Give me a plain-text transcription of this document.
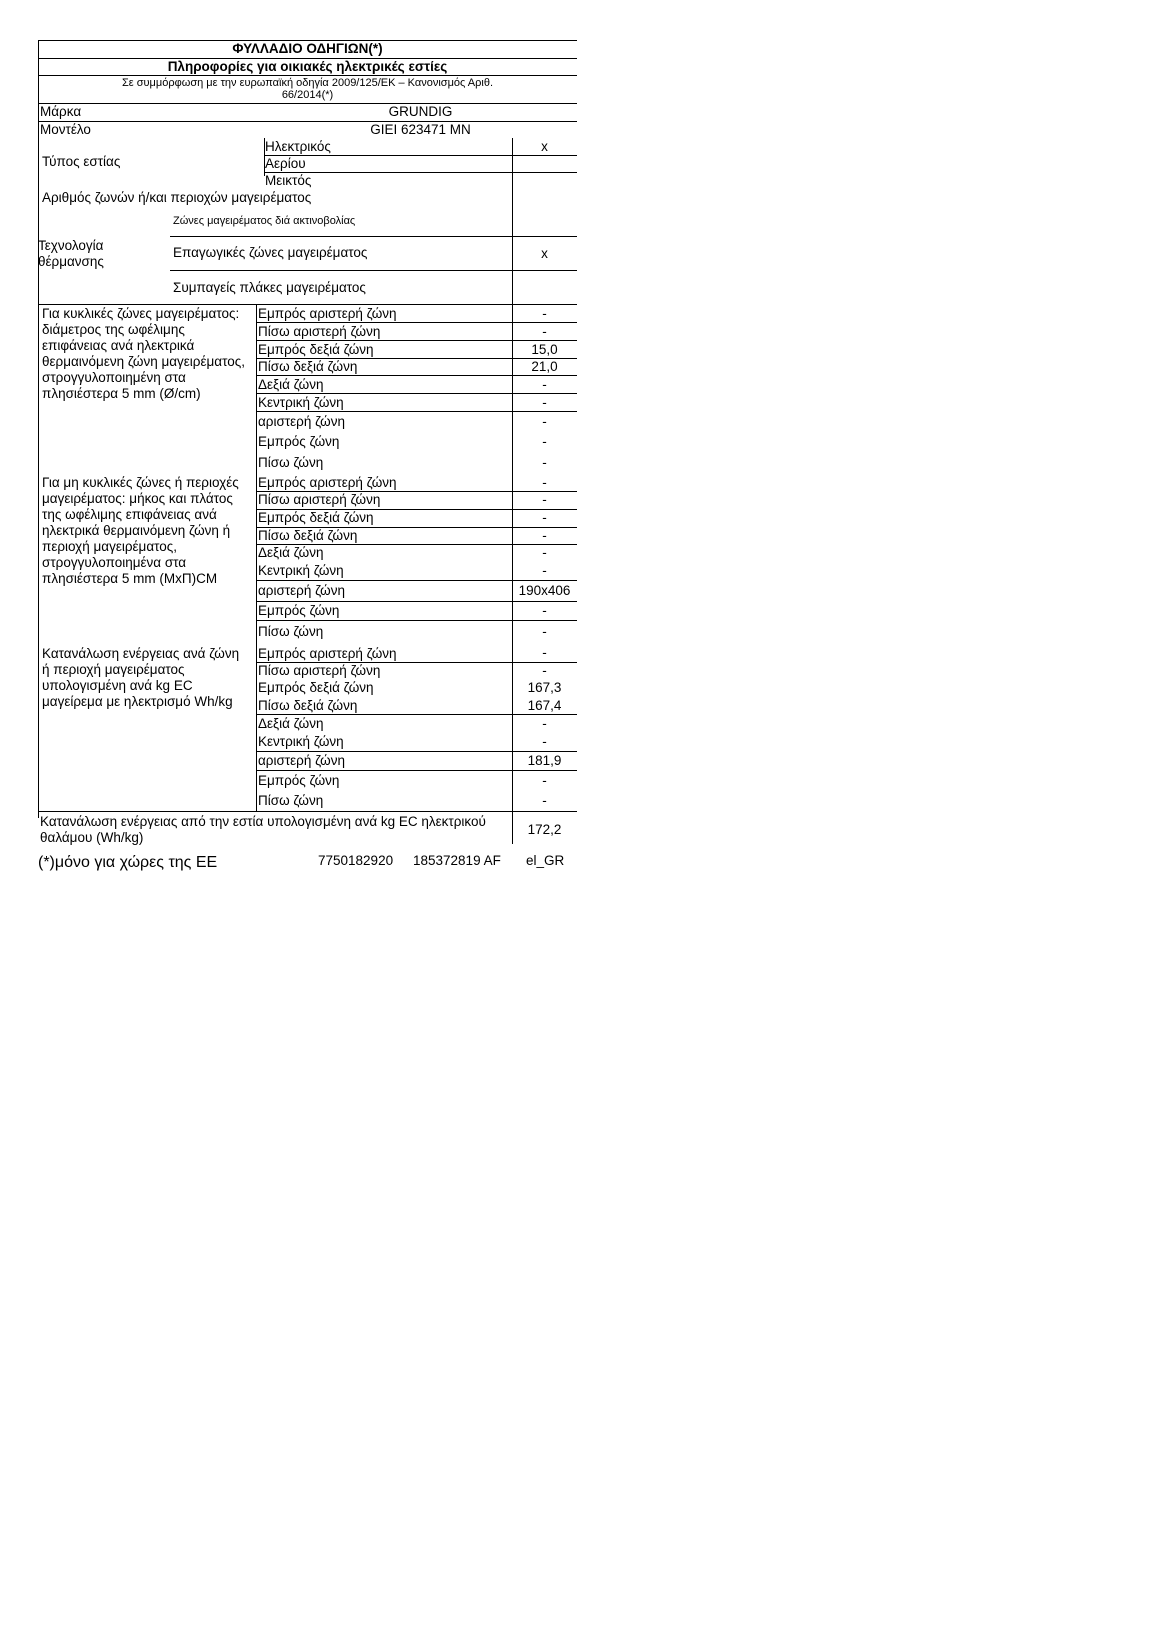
ΦΥΛΛΑΔΙΟ ΟΔΗΓΙΩΝ(*)
Πληροφορίες για οικιακές ηλεκτρικές εστίες
Σε συμμόρφωση με την ευρωπαϊκή οδηγία 2009/125/ΕΚ – Κανονισμός Αριθ.
66/2014(*)
Μάρκα	GRUNDIG
Μοντέλο	GIEI 623471 MN
Τύπος εστίας
Ηλεκτρικός	x
Αερίου
Μεικτός
Αριθμός ζωνών ή/και περιοχών μαγειρέματος
Ζώνες μαγειρέματος διά ακτινοβολίας
Τεχνολογία
θέρμανσης
Επαγωγικές ζώνες μαγειρέματος	x
Συμπαγείς πλάκες μαγειρέματος
Για κυκλικές ζώνες μαγειρέματος:
διάμετρος της ωφέλιμης
επιφάνειας ανά ηλεκτρικά
θερμαινόμενη ζώνη μαγειρέματος,
στρογγυλοποιημένη στα
πλησιέστερα 5 mm (Ø/cm)
Εμπρός αριστερή ζώνη	-
Πίσω αριστερή ζώνη	-
Εμπρός δεξιά ζώνη	15,0
Πίσω δεξιά ζώνη	21,0
Δεξιά ζώνη	-
Κεντρική ζώνη	-
αριστερή ζώνη	-
Εμπρός ζώνη	-
Πίσω ζώνη	-
Για μη κυκλικές ζώνες ή περιοχές
μαγειρέματος: μήκος και πλάτος
της ωφέλιμης επιφάνειας ανά
ηλεκτρικά θερμαινόμενη ζώνη ή
περιοχή μαγειρέματος,
στρογγυλοποιημένα στα
πλησιέστερα 5 mm (ΜxΠ)CM
Εμπρός αριστερή ζώνη	-
Πίσω αριστερή ζώνη	-
Εμπρός δεξιά ζώνη	-
Πίσω δεξιά ζώνη	-
Δεξιά ζώνη	-
Κεντρική ζώνη	-
αριστερή ζώνη	190x406
Εμπρός ζώνη	-
Πίσω ζώνη	-
Κατανάλωση ενέργειας ανά ζώνη
ή περιοχή μαγειρέματος
υπολογισμένη ανά kg EC
μαγείρεμα με ηλεκτρισμό Wh/kg
Εμπρός αριστερή ζώνη	-
Πίσω αριστερή ζώνη	-
Εμπρός δεξιά ζώνη	167,3
Πίσω δεξιά ζώνη	167,4
Δεξιά ζώνη	-
Κεντρική ζώνη	-
αριστερή ζώνη	181,9
Εμπρός ζώνη	-
Πίσω ζώνη	-
Κατανάλωση ενέργειας από την εστία υπολογισμένη ανά kg EC ηλεκτρικού
θαλάμου (Wh/kg)
172,2
(*)μόνο για χώρες της ΕΕ	7750182920 185372819 AF el_GR
